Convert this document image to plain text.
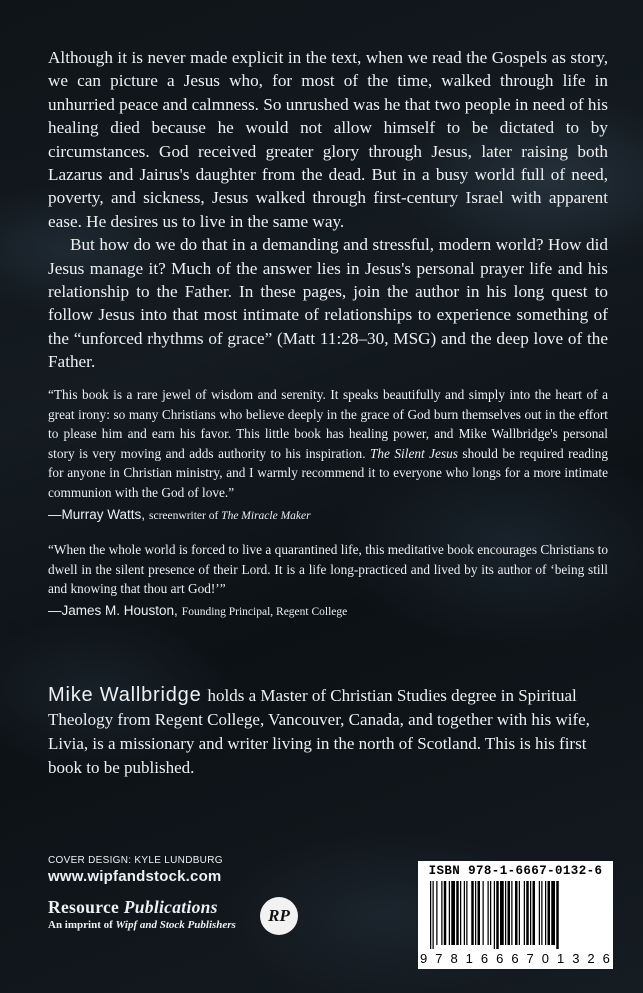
Although it is never made explicit in the text, when we read the Gospels as story, we can picture a Jesus who, for most of the time, walked through life in unhurried peace and calmness. So unrushed was he that two people in need of his healing died because he would not allow himself to be dictated to by circumstances. God received greater glory through Jesus, later raising both Lazarus and Jairus's daughter from the dead. But in a busy world full of need, poverty, and sickness, Jesus walked through first-century Israel with apparent ease. He desires us to live in the same way.

But how do we do that in a demanding and stressful, modern world? How did Jesus manage it? Much of the answer lies in Jesus's personal prayer life and his relationship to the Father. In these pages, join the author in his long quest to follow Jesus into that most intimate of relationships to experience something of the “unforced rhythms of grace” (Matt 11:28–30, MSG) and the deep love of the Father.

“This book is a rare jewel of wisdom and serenity. It speaks beautifully and simply into the heart of a great irony: so many Christians who believe deeply in the grace of God burn themselves out in the effort to please him and earn his favor. This little book has healing power, and Mike Wallbridge's personal story is very moving and adds authority to his inspiration. The Silent Jesus should be required reading for anyone in Christian ministry, and I warmly recommend it to everyone who longs for a more intimate communion with the God of love.”

—Murray Watts, screenwriter of The Miracle Maker

“When the whole world is forced to live a quarantined life, this meditative book encourages Christians to dwell in the silent presence of their Lord. It is a life long-practiced and lived by its author of ‘being still and knowing that thou art God!’”

—James M. Houston, Founding Principal, Regent College
Mike Wallbridge holds a Master of Christian Studies degree in Spiritual Theology from Regent College, Vancouver, Canada, and together with his wife, Livia, is a missionary and writer living in the north of Scotland. This is his first book to be published.
COVER DESIGN: KYLE LUNDBURG
www.wipfandstock.com
Resource Publications
An imprint of Wipf and Stock Publishers	RP
ISBN 978-1-6667-0132-6
9 7 8 1 6 6 6 7 0 1 3 2 6
